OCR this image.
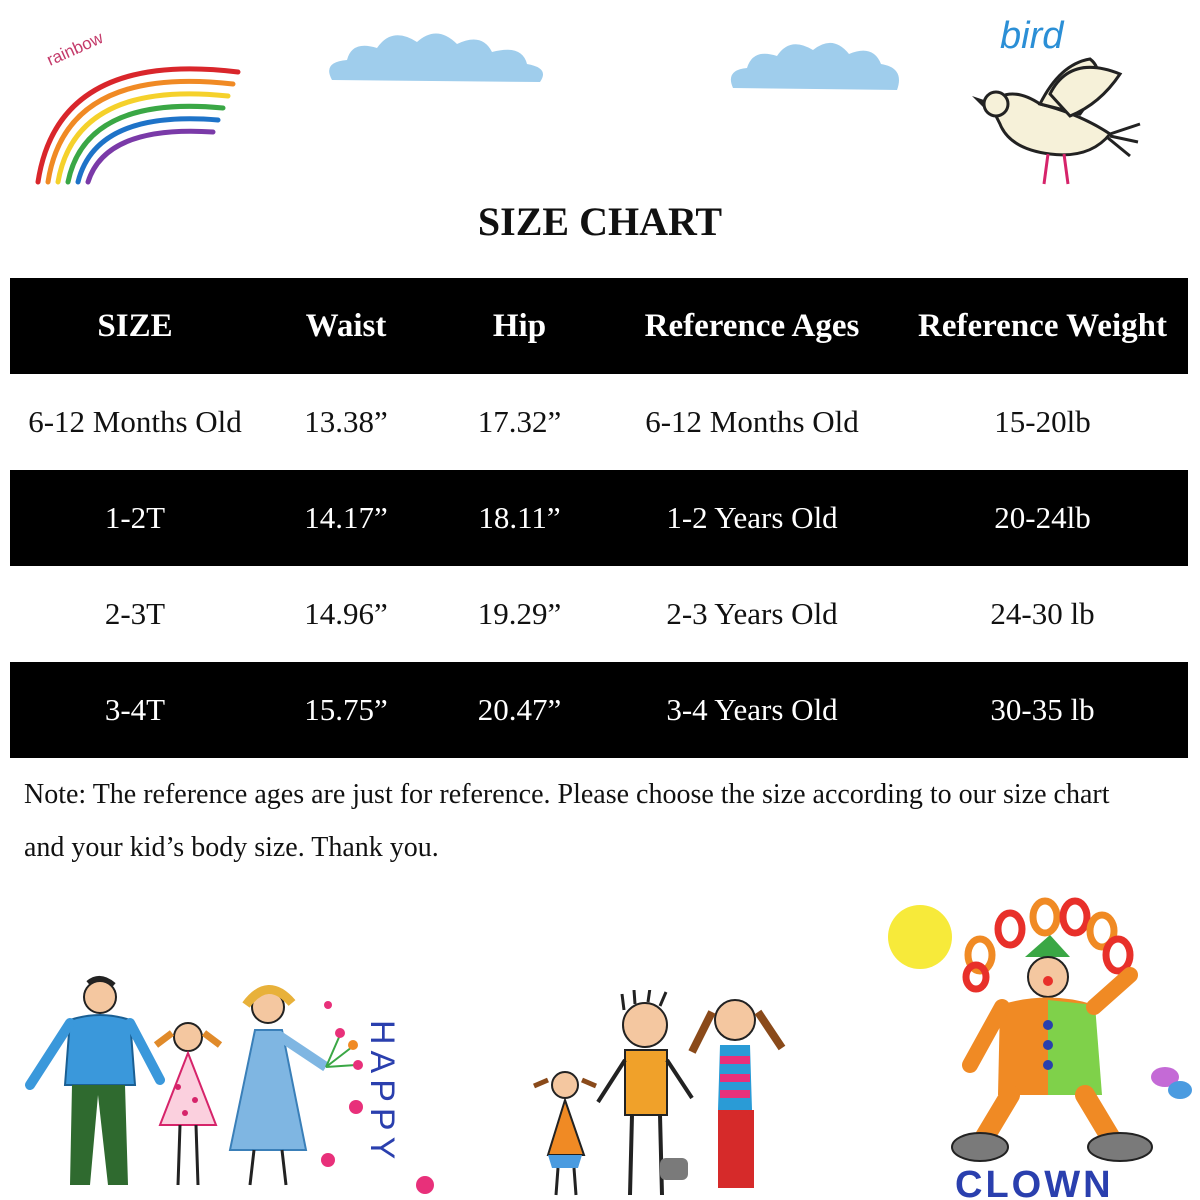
rainbow	bird
SIZE CHART
SIZE	Waist	Hip	Reference Ages	Reference Weight
6-12 Months Old	13.38”	17.32”	6-12 Months Old	15-20lb
1-2T	14.17”	18.11”	1-2 Years Old	20-24lb
2-3T	14.96”	19.29”	2-3 Years Old	24-30 lb
3-4T	15.75”	20.47”	3-4 Years Old	30-35 lb
Note: The reference ages are just for reference. Please choose the size according to our size chart
and your kid’s body size. Thank you.
HAPPY
CLOWN
